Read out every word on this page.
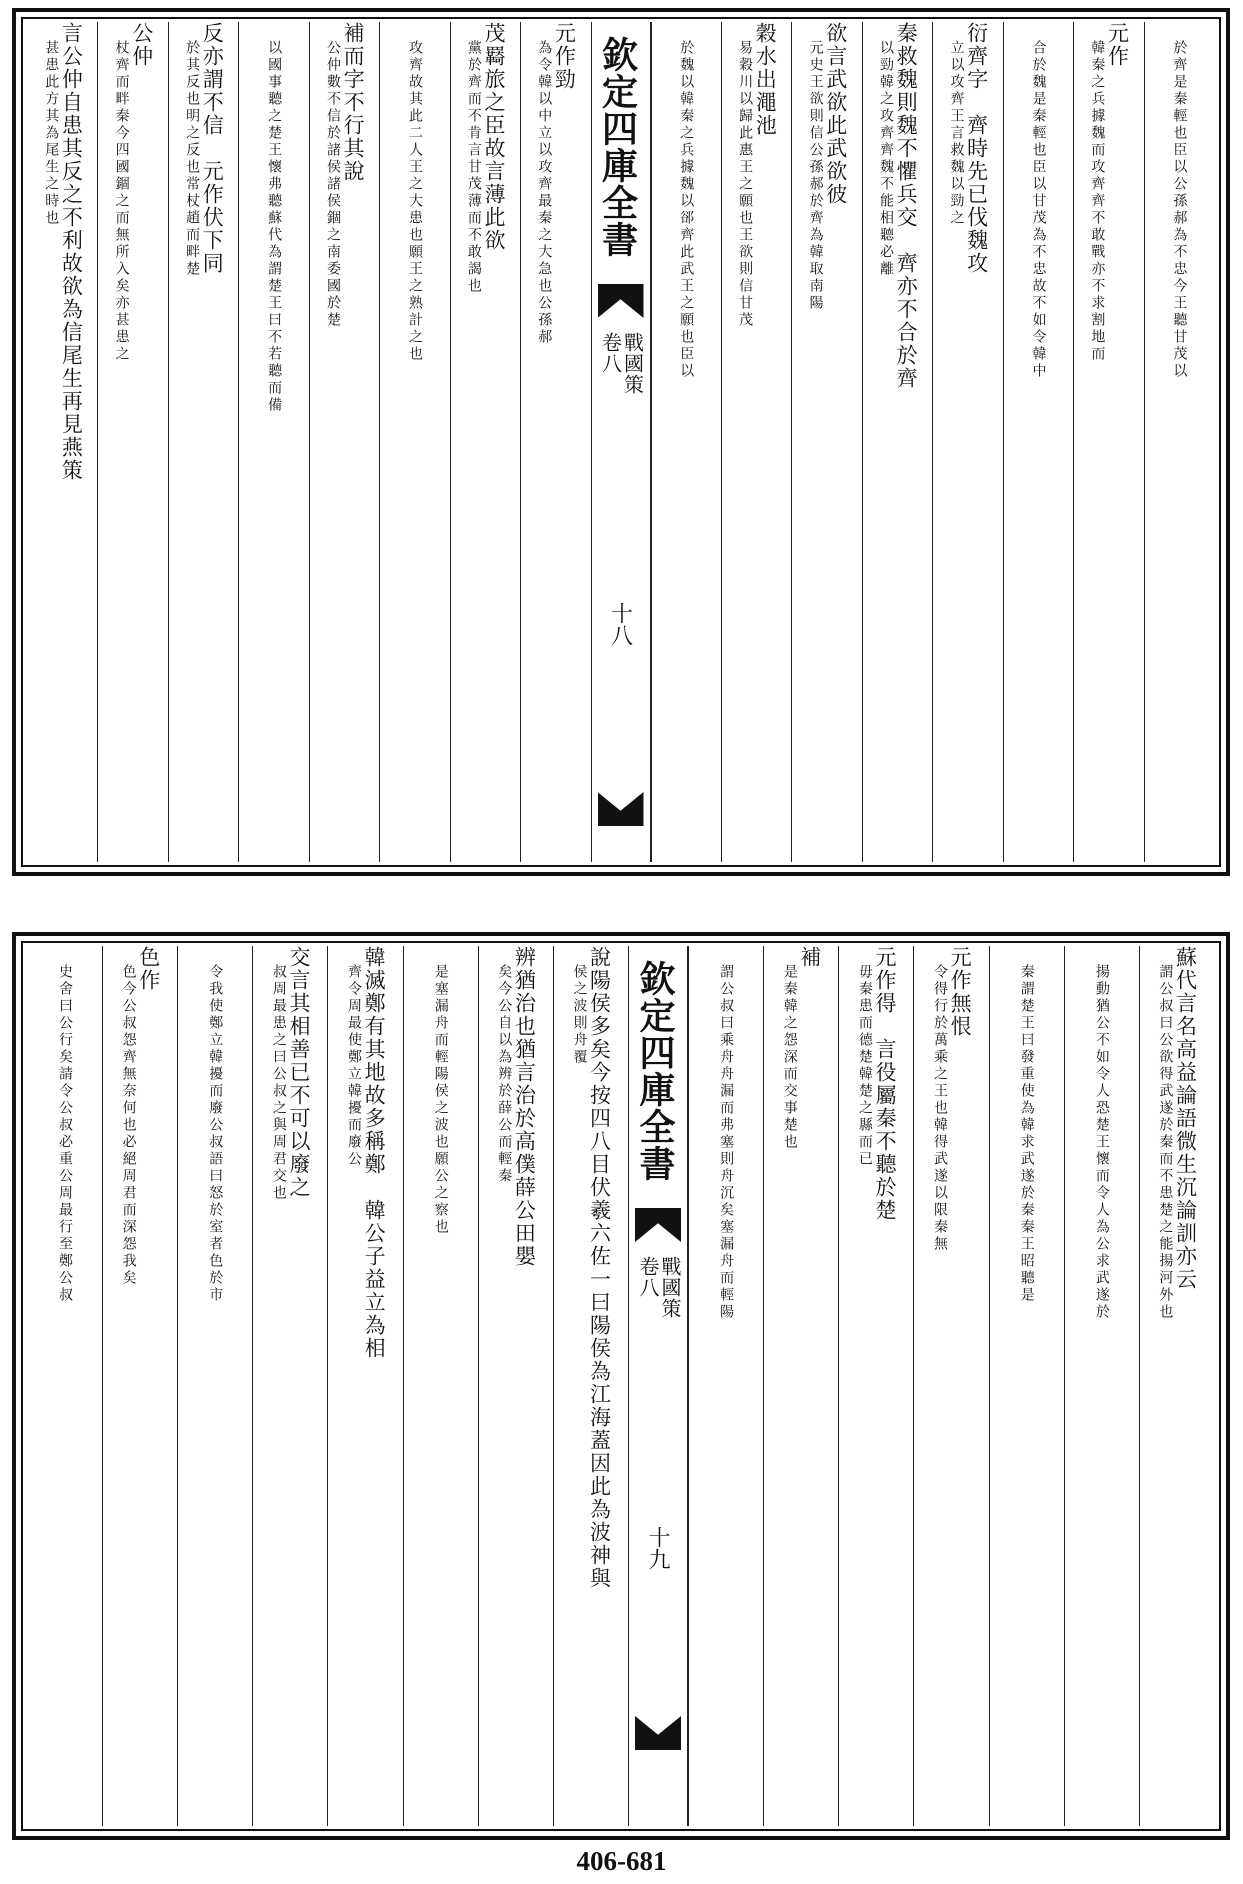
於齊是秦輕也臣以公孫郝為不忠今王聽甘茂以
韓秦之兵據魏而攻齊齊不敢戰亦不求割地而 元作
合於魏是秦輕也臣以甘茂為不忠故不如令韓中
立以攻齊王言救魏以勁之 衍齊字　齊時先已伐魏攻
以勁韓之攻齊齊魏不能相聽必離 秦救魏則魏不懼兵交　齊亦不合於齊
元史王欲則信公孫郝於齊為韓取南陽 欲言武欲此武欲彼
易穀川以歸此惠王之願也王欲則信甘茂 穀水出澠池
於魏以韓秦之兵據魏以郤齊此武王之願也臣以
欽定四庫全書
戰國策
卷八
十八
為令韓以中立以攻齊最秦之大急也公孫郝 元作勁
黨於齊而不肯言甘茂薄而不敢謁也 茂羇旅之臣故言薄此欲
攻齊故其此二人王之大患也願王之熟計之也
公仲數不信於諸侯諸侯錮之南委國於楚 補而字不行其說
以國事聽之楚王懷弗聽蘇代為謂楚王曰不若聽而備
於其反也明之反也常杖趙而畔楚 反亦謂不信　元作伏下同
杖齊而畔秦今四國錮之而無所入矣亦甚患之 公仲
甚患此方其為尾生之時也 言公仲自患其反之不利故欲為信尾生再見燕策
謂公叔曰公欲得武遂於秦而不患楚之能揚河外也 蘇代言名高益論語微生沉論訓亦云
揚動猶公不如令人恐楚王懷而令人為公求武遂於
秦謂楚王曰發重使為韓求武遂於秦秦王昭聽是
令得行於萬乘之王也韓得武遂以限秦無 元作無恨
毋秦患而德楚韓楚之縣而已 元作得　言役屬秦不聽於楚
是秦韓之怨深而交事楚也
補
謂公叔曰乘舟舟漏而弗塞則舟沉矣塞漏舟而輕陽
欽定四庫全書
戰國策
卷八
十九
侯之波則舟覆 說陽侯多矣今按四八目伏羲六佐一曰陽侯為江海蓋因此為波神與
矣今公自以為辨於薛公而輕秦 辨猶治也猶言治於高僕薛公田嬰
是塞漏舟而輕陽侯之波也願公之察也
齊令周最使鄭立韓擾而廢公 韓滅鄭有其地故多稱鄭　韓公子益立為相
叔周最患之曰公叔之與周君交也 交言其相善已不可以廢之
令我使鄭立韓擾而廢公叔語曰怒於室者色於市
色今公叔怨齊無奈何也必絕周君而深怨我矣 色作
史舍曰公行矣請令公叔必重公周最行至鄭公叔
406-681
